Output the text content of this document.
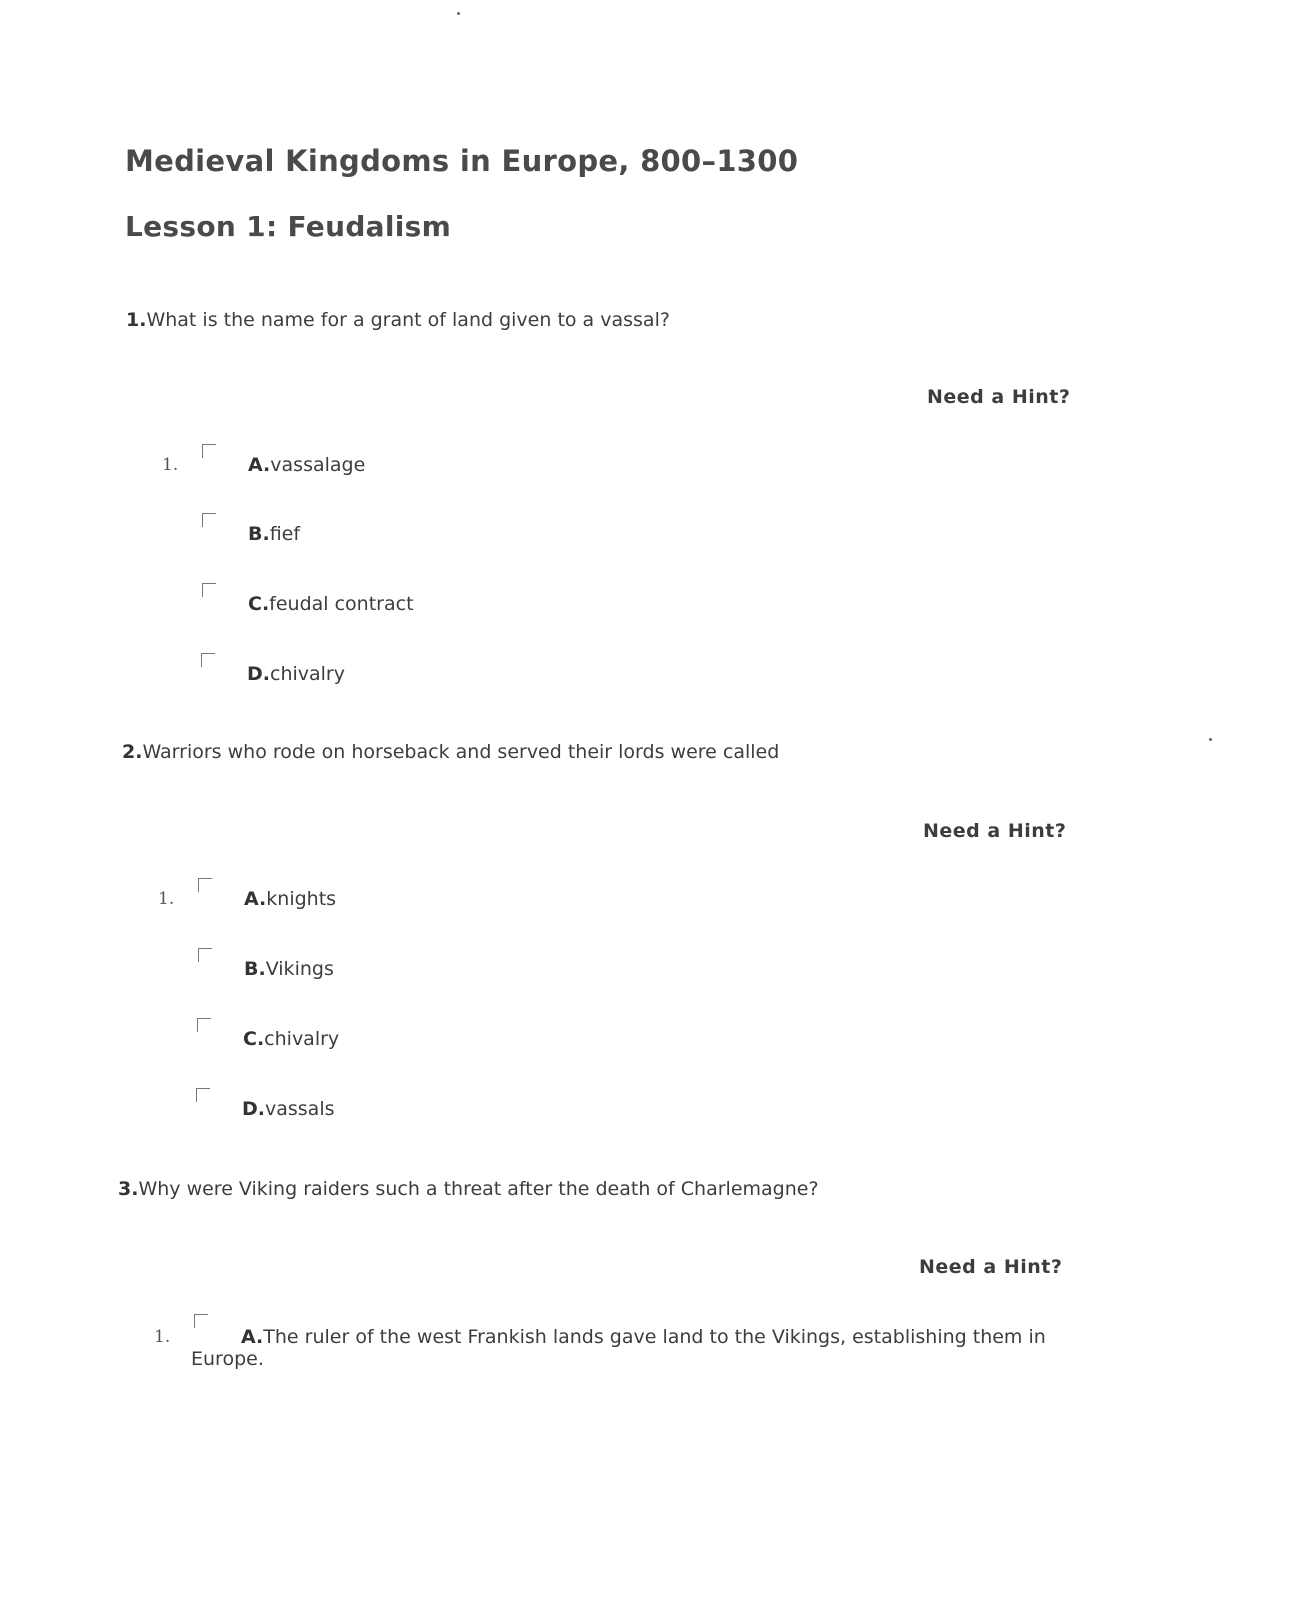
Medieval Kingdoms in Europe, 800–1300
Lesson 1: Feudalism

1.What is the name for a grant of land given to a vassal?

Need a Hint?
1.	A.vassalage
B.fief
C.feudal contract
D.chivalry

2.Warriors who rode on horseback and served their lords were called

Need a Hint?
1.	A.knights
B.Vikings
C.chivalry
D.vassals

3.Why were Viking raiders such a threat after the death of Charlemagne?

Need a Hint?
1.	A.The ruler of the west Frankish lands gave land to the Vikings, establishing them in Europe.
